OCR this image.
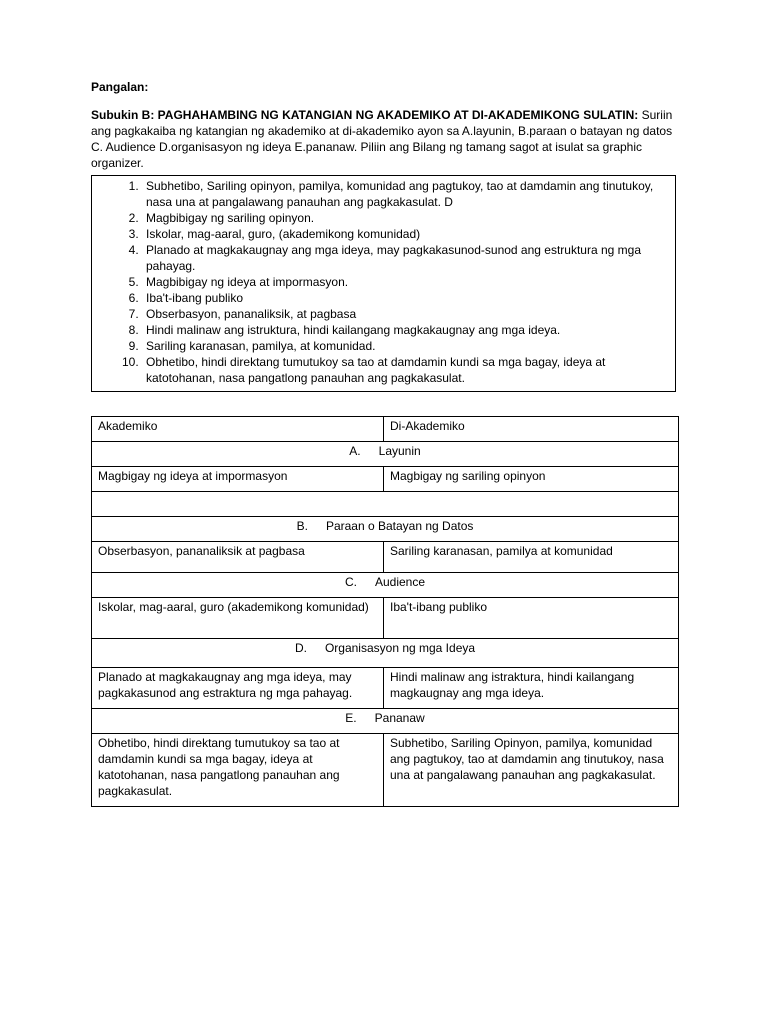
Pangalan:
Subukin B: PAGHAHAMBING NG KATANGIAN NG AKADEMIKO AT DI-AKADEMIKONG SULATIN: Suriin ang pagkakaiba ng katangian ng akademiko at di-akademiko ayon sa A.layunin, B.paraan o batayan ng datos C. Audience D.organisasyon ng ideya E.pananaw. Piliin ang Bilang ng tamang sagot at isulat sa graphic organizer.
1. Subhetibo, Sariling opinyon, pamilya, komunidad ang pagtukoy, tao at damdamin ang tinutukoy, nasa una at pangalawang panauhan ang pagkakasulat. D
2. Magbibigay ng sariling opinyon.
3. Iskolar, mag-aaral, guro, (akademikong komunidad)
4. Planado at magkakaugnay ang mga ideya, may pagkakasunod-sunod ang estruktura ng mga pahayag.
5. Magbibigay ng ideya at impormasyon.
6. Iba't-ibang publiko
7. Obserbasyon, pananaliksik, at pagbasa
8. Hindi malinaw ang istruktura, hindi kailangang magkakaugnay ang mga ideya.
9. Sariling karanasan, pamilya, at komunidad.
10. Obhetibo, hindi direktang tumutukoy sa tao at damdamin kundi sa mga bagay, ideya at katotohanan, nasa pangatlong panauhan ang pagkakasulat.
Akademiko	Di-Akademiko
A. Layunin	
Magbigay ng ideya at impormasyon	Magbigay ng sariling opinyon

B. Paraan o Batayan ng Datos	
Obserbasyon, pananaliksik at pagbasa	Sariling karanasan, pamilya at komunidad
C. Audience	
Iskolar, mag-aaral, guro (akademikong komunidad)	Iba't-ibang publiko
D. Organisasyon ng mga Ideya	
Planado at magkakaugnay ang mga ideya, may pagkakasunod ang estraktura ng mga pahayag.	Hindi malinaw ang istraktura, hindi kailangang magkaugnay ang mga ideya.
E. Pananaw	
Obhetibo, hindi direktang tumutukoy sa tao at damdamin kundi sa mga bagay, ideya at katotohanan, nasa pangatlong panauhan ang pagkakasulat.	Subhetibo, Sariling Opinyon, pamilya, komunidad ang pagtukoy, tao at damdamin ang tinutukoy, nasa una at pangalawang panauhan ang pagkakasulat.
